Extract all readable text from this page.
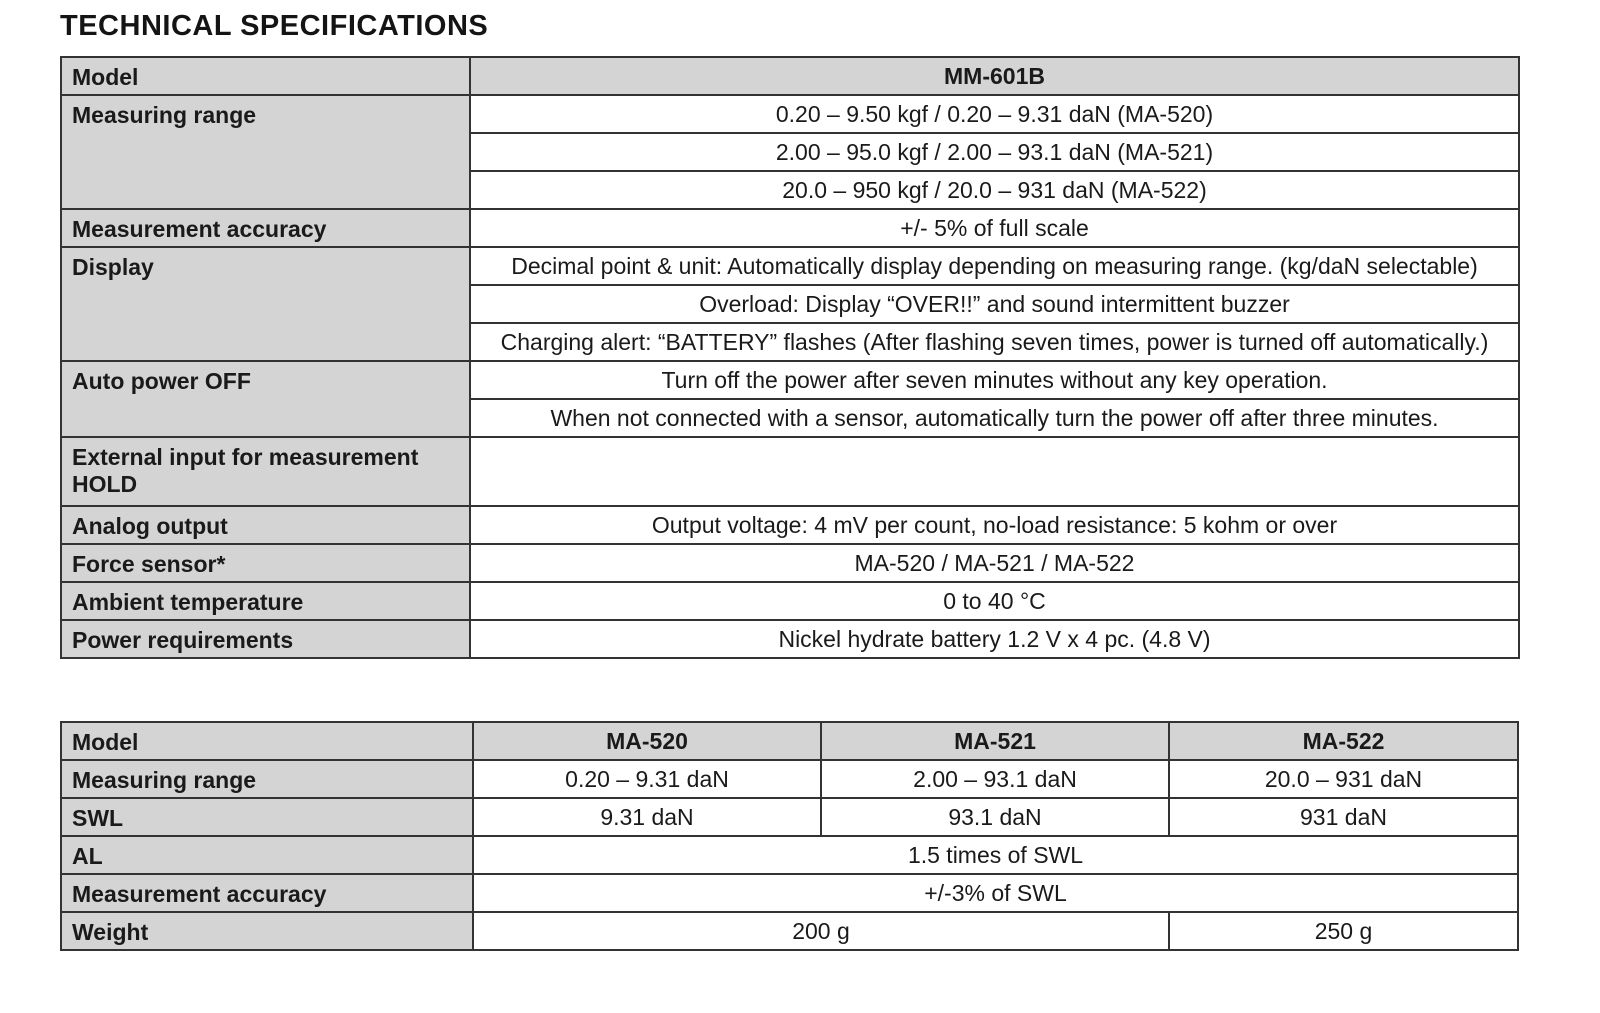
TECHNICAL SPECIFICATIONS
Model	MM-601B
Measuring range	0.20 – 9.50 kgf / 0.20 – 9.31 daN (MA-520)
	2.00 – 95.0 kgf / 2.00 – 93.1 daN (MA-521)
	20.0 – 950 kgf / 20.0 – 931 daN (MA-522)
Measurement accuracy	+/- 5% of full scale
Display	Decimal point & unit: Automatically display depending on measuring range. (kg/daN selectable)
	Overload: Display “OVER!!” and sound intermittent buzzer
	Charging alert: “BATTERY” flashes (After flashing seven times, power is turned off automatically.)
Auto power OFF	Turn off the power after seven minutes without any key operation.
	When not connected with a sensor, automatically turn the power off after three minutes.
External input for measurement HOLD	
Analog output	Output voltage: 4 mV per count, no-load resistance: 5 kohm or over
Force sensor*	MA-520 / MA-521 / MA-522
Ambient temperature	0 to 40 °C
Power requirements	Nickel hydrate battery 1.2 V x 4 pc. (4.8 V)
Model	MA-520	MA-521	MA-522
Measuring range	0.20 – 9.31 daN	2.00 – 93.1 daN	20.0 – 931 daN
SWL	9.31 daN	93.1 daN	931 daN
AL	1.5 times of SWL		
Measurement accuracy	+/-3% of SWL		
Weight	200 g		250 g
